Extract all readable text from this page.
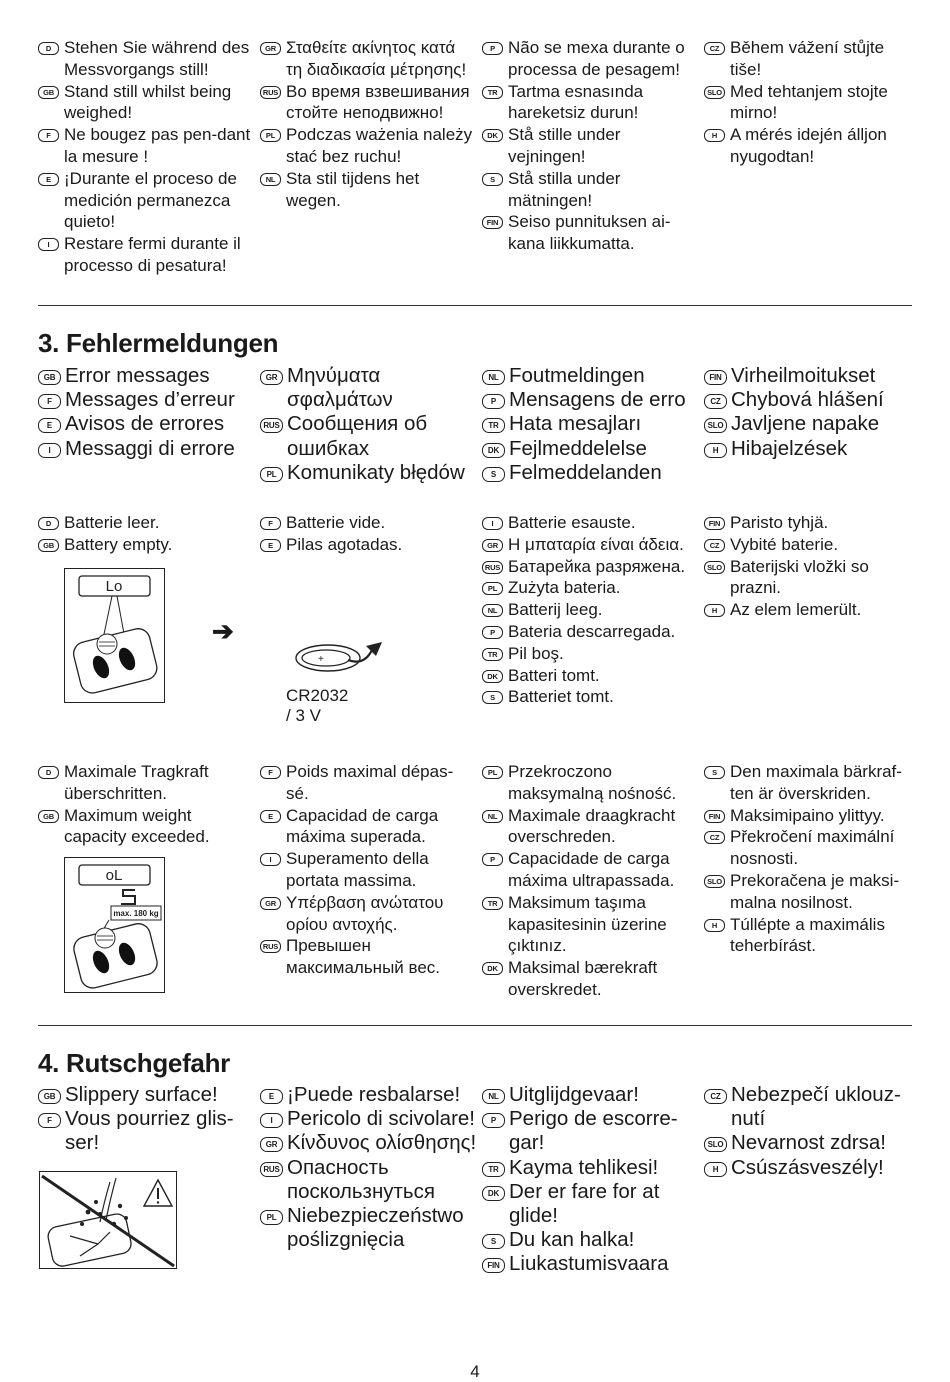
D Stehen Sie während des Messvorgangs still!
GB Stand still whilst being weighed!
F Ne bougez pas pen-dant la mesure !
E ¡Durante el proceso de medición permanezca quieto!
I Restare fermi durante il processo di pesatura!
GR Σταθείτε ακίνητος κατά τη διαδικασία μέτρησης!
RUS Во время взвешивания стойте неподвижно!
PL Podczas ważenia należy stać bez ruchu!
NL Sta stil tijdens het wegen.
P Não se mexa durante o processa de pesagem!
TR Tartma esnasında hareketsiz durun!
DK Stå stille under vejningen!
S Stå stilla under mätningen!
FIN Seiso punnituksen ai-kana liikkumatta.
CZ Během vážení stůjte tiše!
SLO Med tehtanjem stojte mirno!
H A mérés idején álljon nyugodtan!
3. Fehlermeldungen
GB Error messages
F Messages d’erreur
E Avisos de errores
I Messaggi di errore
GR Μηνύματα σφαλμάτων
RUS Сообщения об ошибках
PL Komunikaty błędów
NL Foutmeldingen
P Mensagens de erro
TR Hata mesajları
DK Fejlmeddelelse
S Felmeddelanden
FIN Virheilmoitukset
CZ Chybová hlášení
SLO Javljene napake
H Hibajelzések
D Batterie leer.
GB Battery empty.
F Batterie vide.
E Pilas agotadas.
I Batterie esauste.
GR Η μπαταρία είναι άδεια.
RUS Батарейка разряжена.
PL Zużyta bateria.
NL Batterij leeg.
P Bateria descarregada.
TR Pil boş.
DK Batteri tomt.
S Batteriet tomt.
FIN Paristo tyhjä.
CZ Vybité baterie.
SLO Baterijski vložki so prazni.
H Az elem lemerült.
Lo
➔
+
CR2032 / 3 V
D Maximale Tragkraft überschritten.
GB Maximum weight capacity exceeded.
F Poids maximal dépas-sé.
E Capacidad de carga máxima superada.
I Superamento della portata massima.
GR Υπέρβαση ανώτατου ορίου αντοχής.
RUS Превышен максимальный вес.
PL Przekroczono maksymalną nośność.
NL Maximale draagkracht overschreden.
P Capacidade de carga máxima ultrapassada.
TR Maksimum taşıma kapasitesinin üzerine çıktınız.
DK Maksimal bærekraft overskredet.
S Den maximala bärkraf-ten är överskriden.
FIN Maksimipaino ylittyy.
CZ Překročení maximální nosnosti.
SLO Prekoračena je maksi-malna nosilnost.
H Túllépte a maximális teherbírást.
oL
max. 180 kg
4. Rutschgefahr
GB Slippery surface!
F Vous pourriez glis-ser!
E ¡Puede resbalarse!
I Pericolo di scivolare!
GR Κίνδυνος ολίσθησης!
RUS Опасность поскользнуться
PL Niebezpieczeństwo poślizgnięcia
NL Uitglijdgevaar!
P Perigo de escorre-gar!
TR Kayma tehlikesi!
DK Der er fare for at glide!
S Du kan halka!
FIN Liukastumisvaara
CZ Nebezpečí uklouz-nutí
SLO Nevarnost zdrsa!
H Csúszásveszély!
4
